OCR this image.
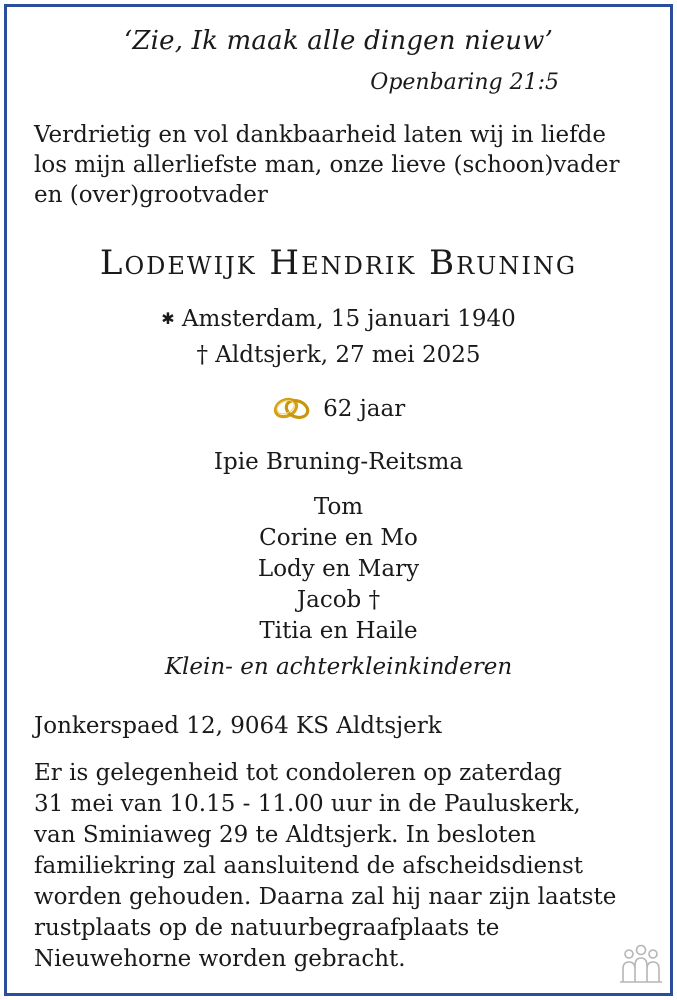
‘Zie, Ik maak alle dingen nieuw’
Openbaring 21:5
Verdrietig en vol dankbaarheid laten wij in liefde
los mijn allerliefste man, onze lieve (schoon)vader
en (over)grootvader
Lodewijk Hendrik Bruning
✱ Amsterdam, 15 januari 1940
† Aldtsjerk, 27 mei 2025
62 jaar
Ipie Bruning-Reitsma
Tom
Corine en Mo
Lody en Mary
Jacob †
Titia en Haile
Klein- en achterkleinkinderen
Jonkerspaed 12, 9064 KS Aldtsjerk
Er is gelegenheid tot condoleren op zaterdag
31 mei van 10.15 - 11.00 uur in de Pauluskerk,
van Sminiaweg 29 te Aldtsjerk. In besloten
familiekring zal aansluitend de afscheidsdienst
worden gehouden. Daarna zal hij naar zijn laatste
rustplaats op de natuurbegraafplaats te
Nieuwehorne worden gebracht.
